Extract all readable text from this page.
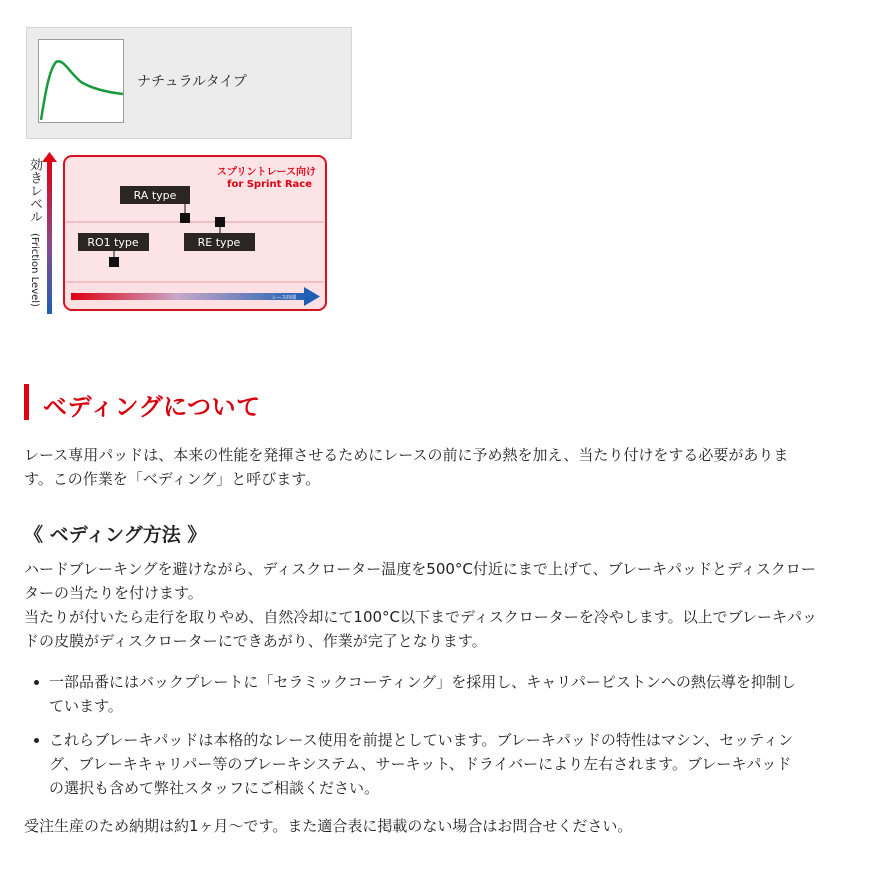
ナチュラルタイプ
効きレベル (Friction Level)
スプリントレース向け
for Sprint Race
RA type
RE type
RO1 type
レース時間
ベディングについて
レース専用パッドは、本来の性能を発揮させるためにレースの前に予め熱を加え、当たり付けをする必要がありま
す。この作業を「ベディング」と呼びます。
《 ベディング方法 》
ハードブレーキングを避けながら、ディスクローター温度を500°C付近にまで上げて、ブレーキパッドとディスクロー
ターの当たりを付けます。
当たりが付いたら走行を取りやめ、自然冷却にて100°C以下までディスクローターを冷やします。以上でブレーキパッ
ドの皮膜がディスクローターにできあがり、作業が完了となります。
一部品番にはバックプレートに「セラミックコーティング」を採用し、キャリパーピストンへの熱伝導を抑制し
ています。
これらブレーキパッドは本格的なレース使用を前提としています。ブレーキパッドの特性はマシン、セッティン
グ、ブレーキキャリパー等のブレーキシステム、サーキット、ドライバーにより左右されます。ブレーキパッド
の選択も含めて弊社スタッフにご相談ください。
受注生産のため納期は約1ヶ月〜です。また適合表に掲載のない場合はお問合せください。
